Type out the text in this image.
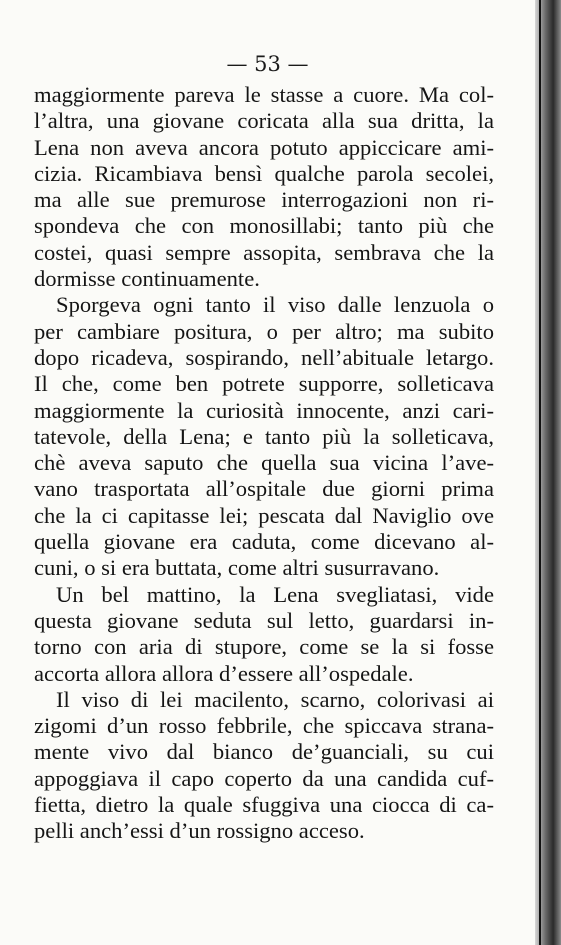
— 53 —
maggiormente pareva le stasse a cuore. Ma col-
l’altra, una giovane coricata alla sua dritta, la
Lena non aveva ancora potuto appiccicare ami-
cizia. Ricambiava bensì qualche parola secolei,
ma alle sue premurose interrogazioni non ri-
spondeva che con monosillabi; tanto più che
costei, quasi sempre assopita, sembrava che la
dormisse continuamente.
Sporgeva ogni tanto il viso dalle lenzuola o
per cambiare positura, o per altro; ma subito
dopo ricadeva, sospirando, nell’abituale letargo.
Il che, come ben potrete supporre, solleticava
maggiormente la curiosità innocente, anzi cari-
tatevole, della Lena; e tanto più la solleticava,
chè aveva saputo che quella sua vicina l’ave-
vano trasportata all’ospitale due giorni prima
che la ci capitasse lei; pescata dal Naviglio ove
quella giovane era caduta, come dicevano al-
cuni, o si era buttata, come altri susurravano.
Un bel mattino, la Lena svegliatasi, vide
questa giovane seduta sul letto, guardarsi in-
torno con aria di stupore, come se la si fosse
accorta allora allora d’essere all’ospedale.
Il viso di lei macilento, scarno, colorivasi ai
zigomi d’un rosso febbrile, che spiccava strana-
mente vivo dal bianco de’guanciali, su cui
appoggiava il capo coperto da una candida cuf-
fietta, dietro la quale sfuggiva una ciocca di ca-
pelli anch’essi d’un rossigno acceso.
